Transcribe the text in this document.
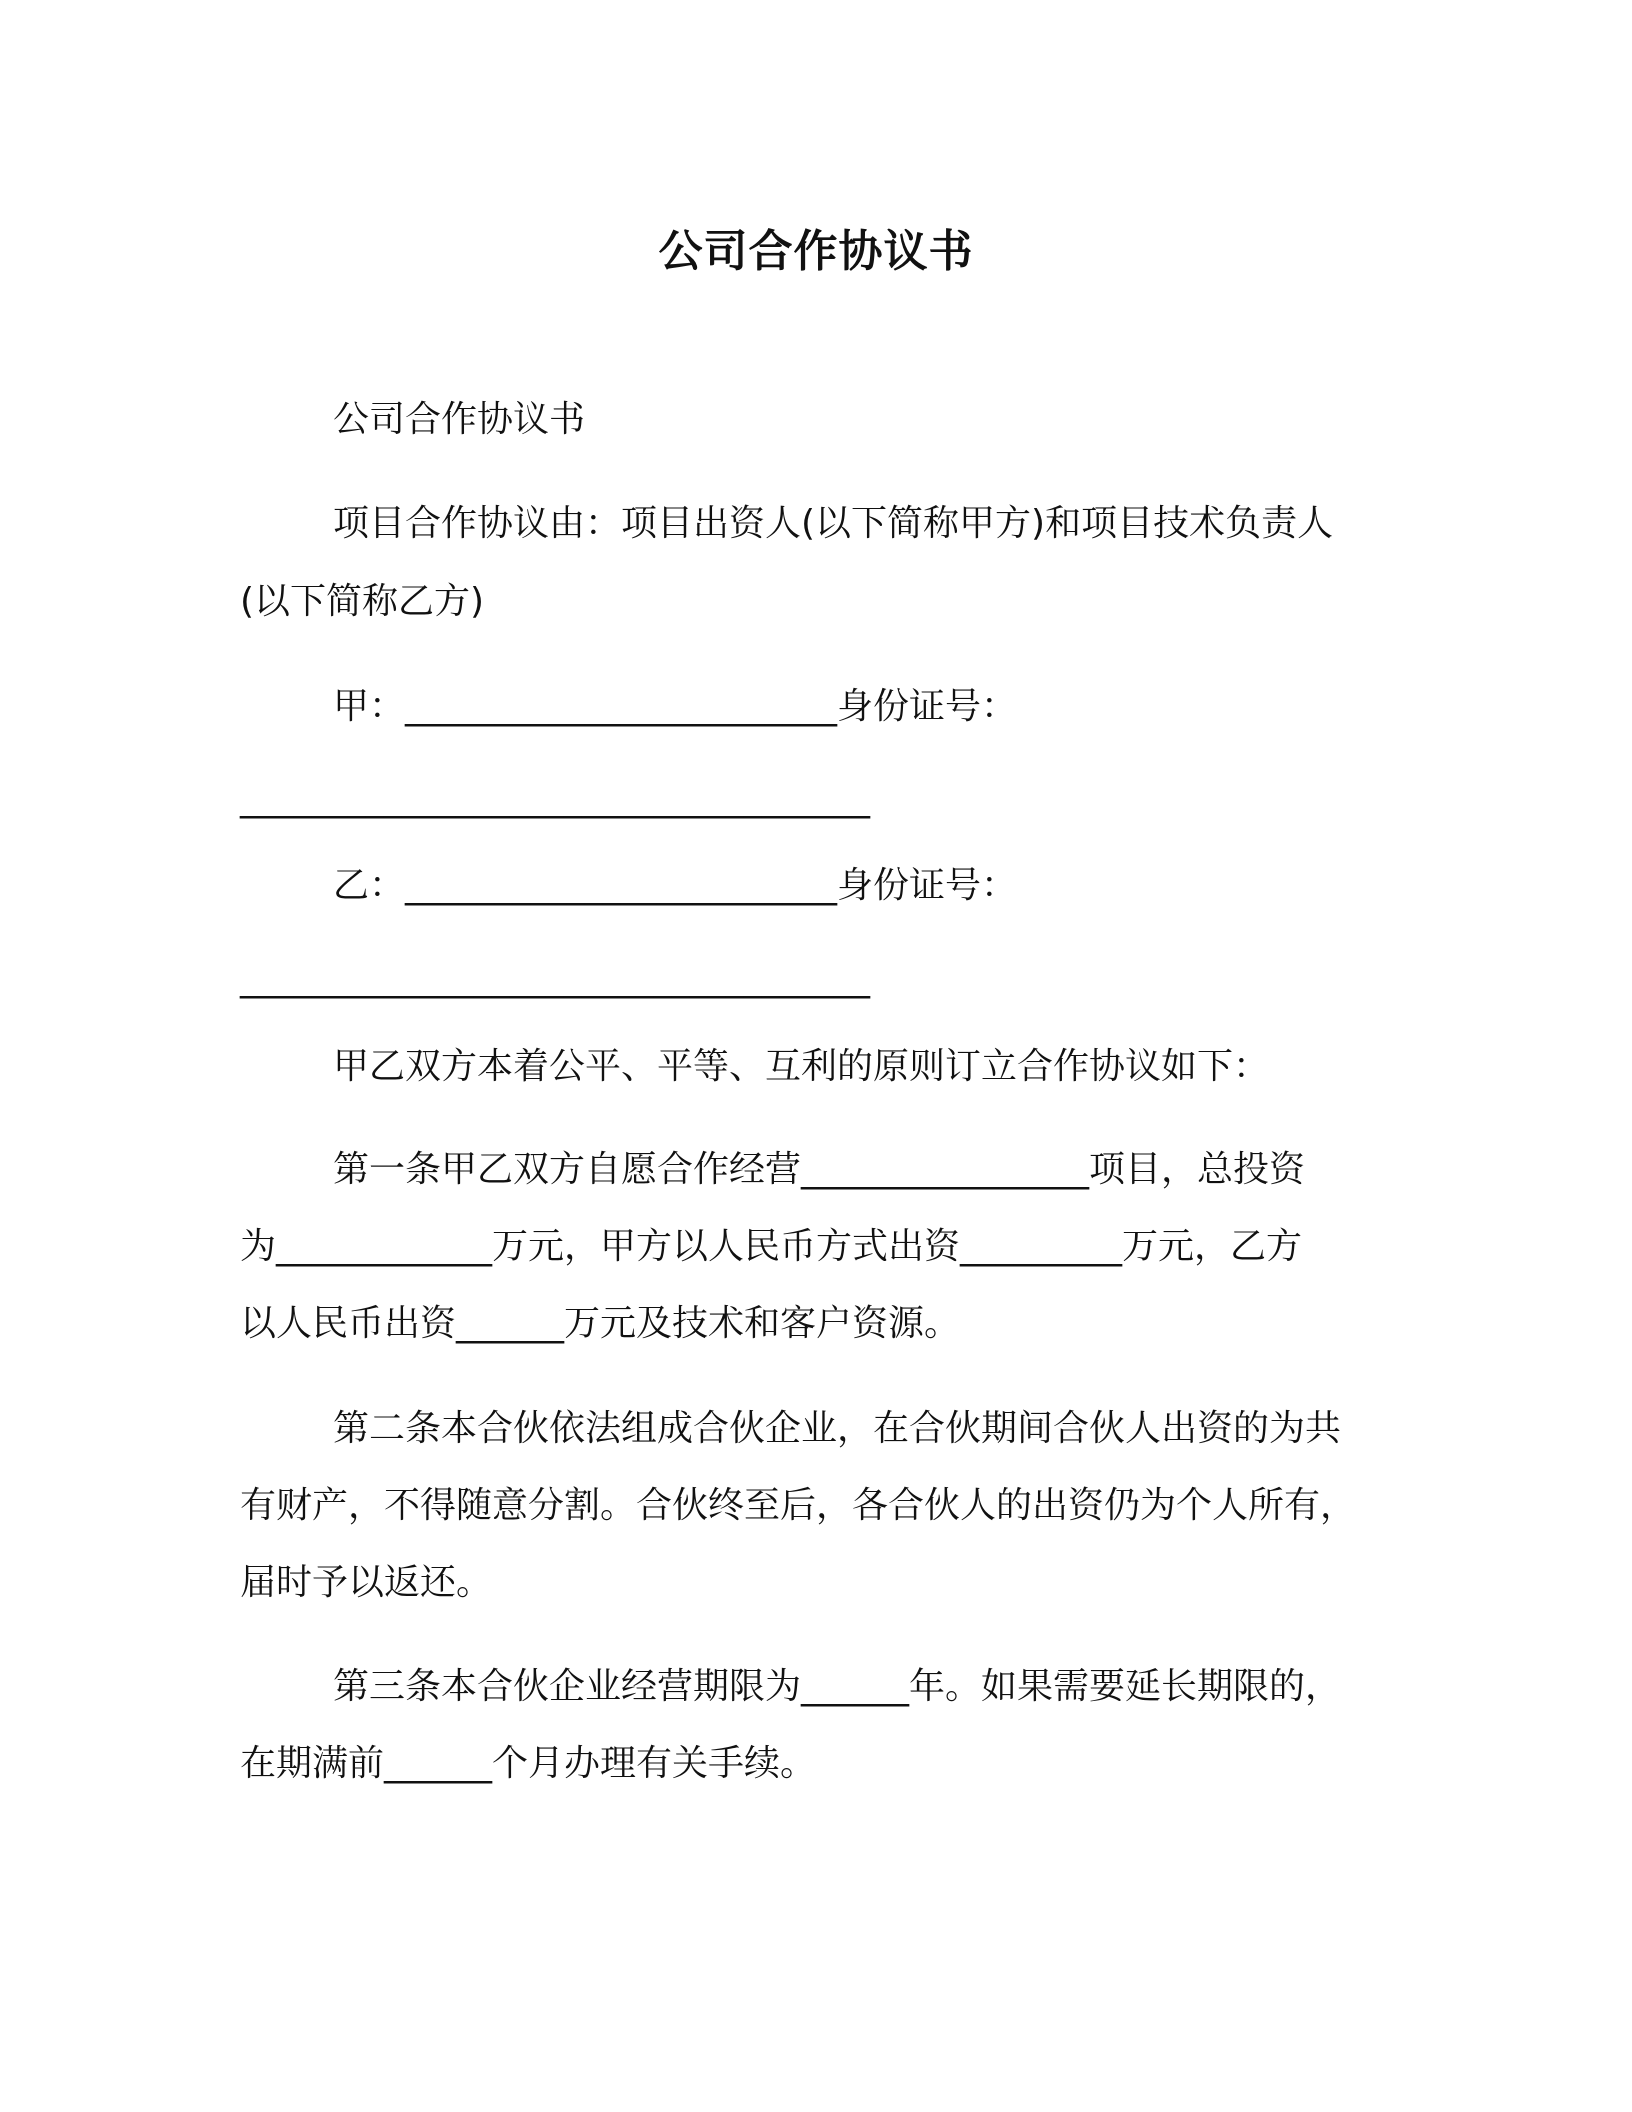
公司合作协议书
公司合作协议书
项目合作协议由：项目出资人(以下简称甲方)和项目技术负责人
(以下简称乙方)
甲：________________________身份证号：
___________________________________
乙：________________________身份证号：
___________________________________
甲乙双方本着公平、平等、互利的原则订立合作协议如下：
第一条甲乙双方自愿合作经营________________项目，总投资
为____________万元，甲方以人民币方式出资_________万元，乙方
以人民币出资______万元及技术和客户资源。
第二条本合伙依法组成合伙企业，在合伙期间合伙人出资的为共
有财产，不得随意分割。合伙终至后，各合伙人的出资仍为个人所有，
届时予以返还。
第三条本合伙企业经营期限为______年。如果需要延长期限的，
在期满前______个月办理有关手续。
